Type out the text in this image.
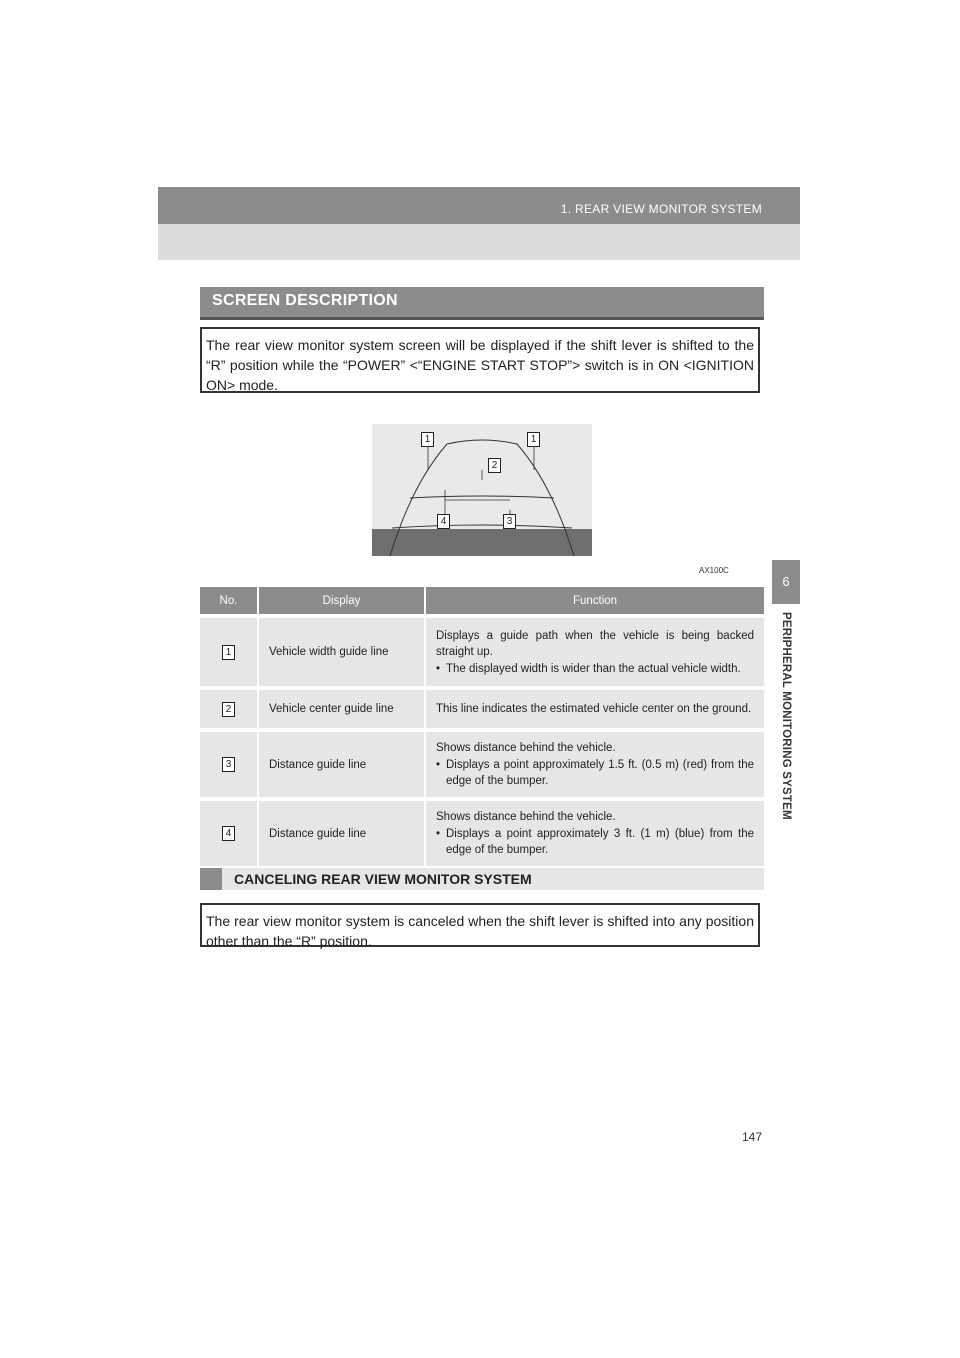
1. REAR VIEW MONITOR SYSTEM
6
PERIPHERAL MONITORING SYSTEM
SCREEN DESCRIPTION
The rear view monitor system screen will be displayed if the shift lever is shifted to the “R” position while the “POWER” <“ENGINE START STOP”> switch is in ON <IGNITION ON> mode.
1	1
2
4	3
AX100C
No.	Display	Function
1	Vehicle width guide line	Displays a guide path when the vehicle is being backed straight up.
• The displayed width is wider than the actual vehicle width.

2	Vehicle center guide line	This line indicates the estimated vehicle center on the ground.

3	Distance guide line	Shows distance behind the vehicle.
• Displays a point approximately 1.5 ft. (0.5 m) (red) from the edge of the bumper.

4	Distance guide line	Shows distance behind the vehicle.
• Displays a point approximately 3 ft. (1 m) (blue) from the edge of the bumper.
CANCELING REAR VIEW MONITOR SYSTEM
The rear view monitor system is canceled when the shift lever is shifted into any position other than the “R” position.
147
